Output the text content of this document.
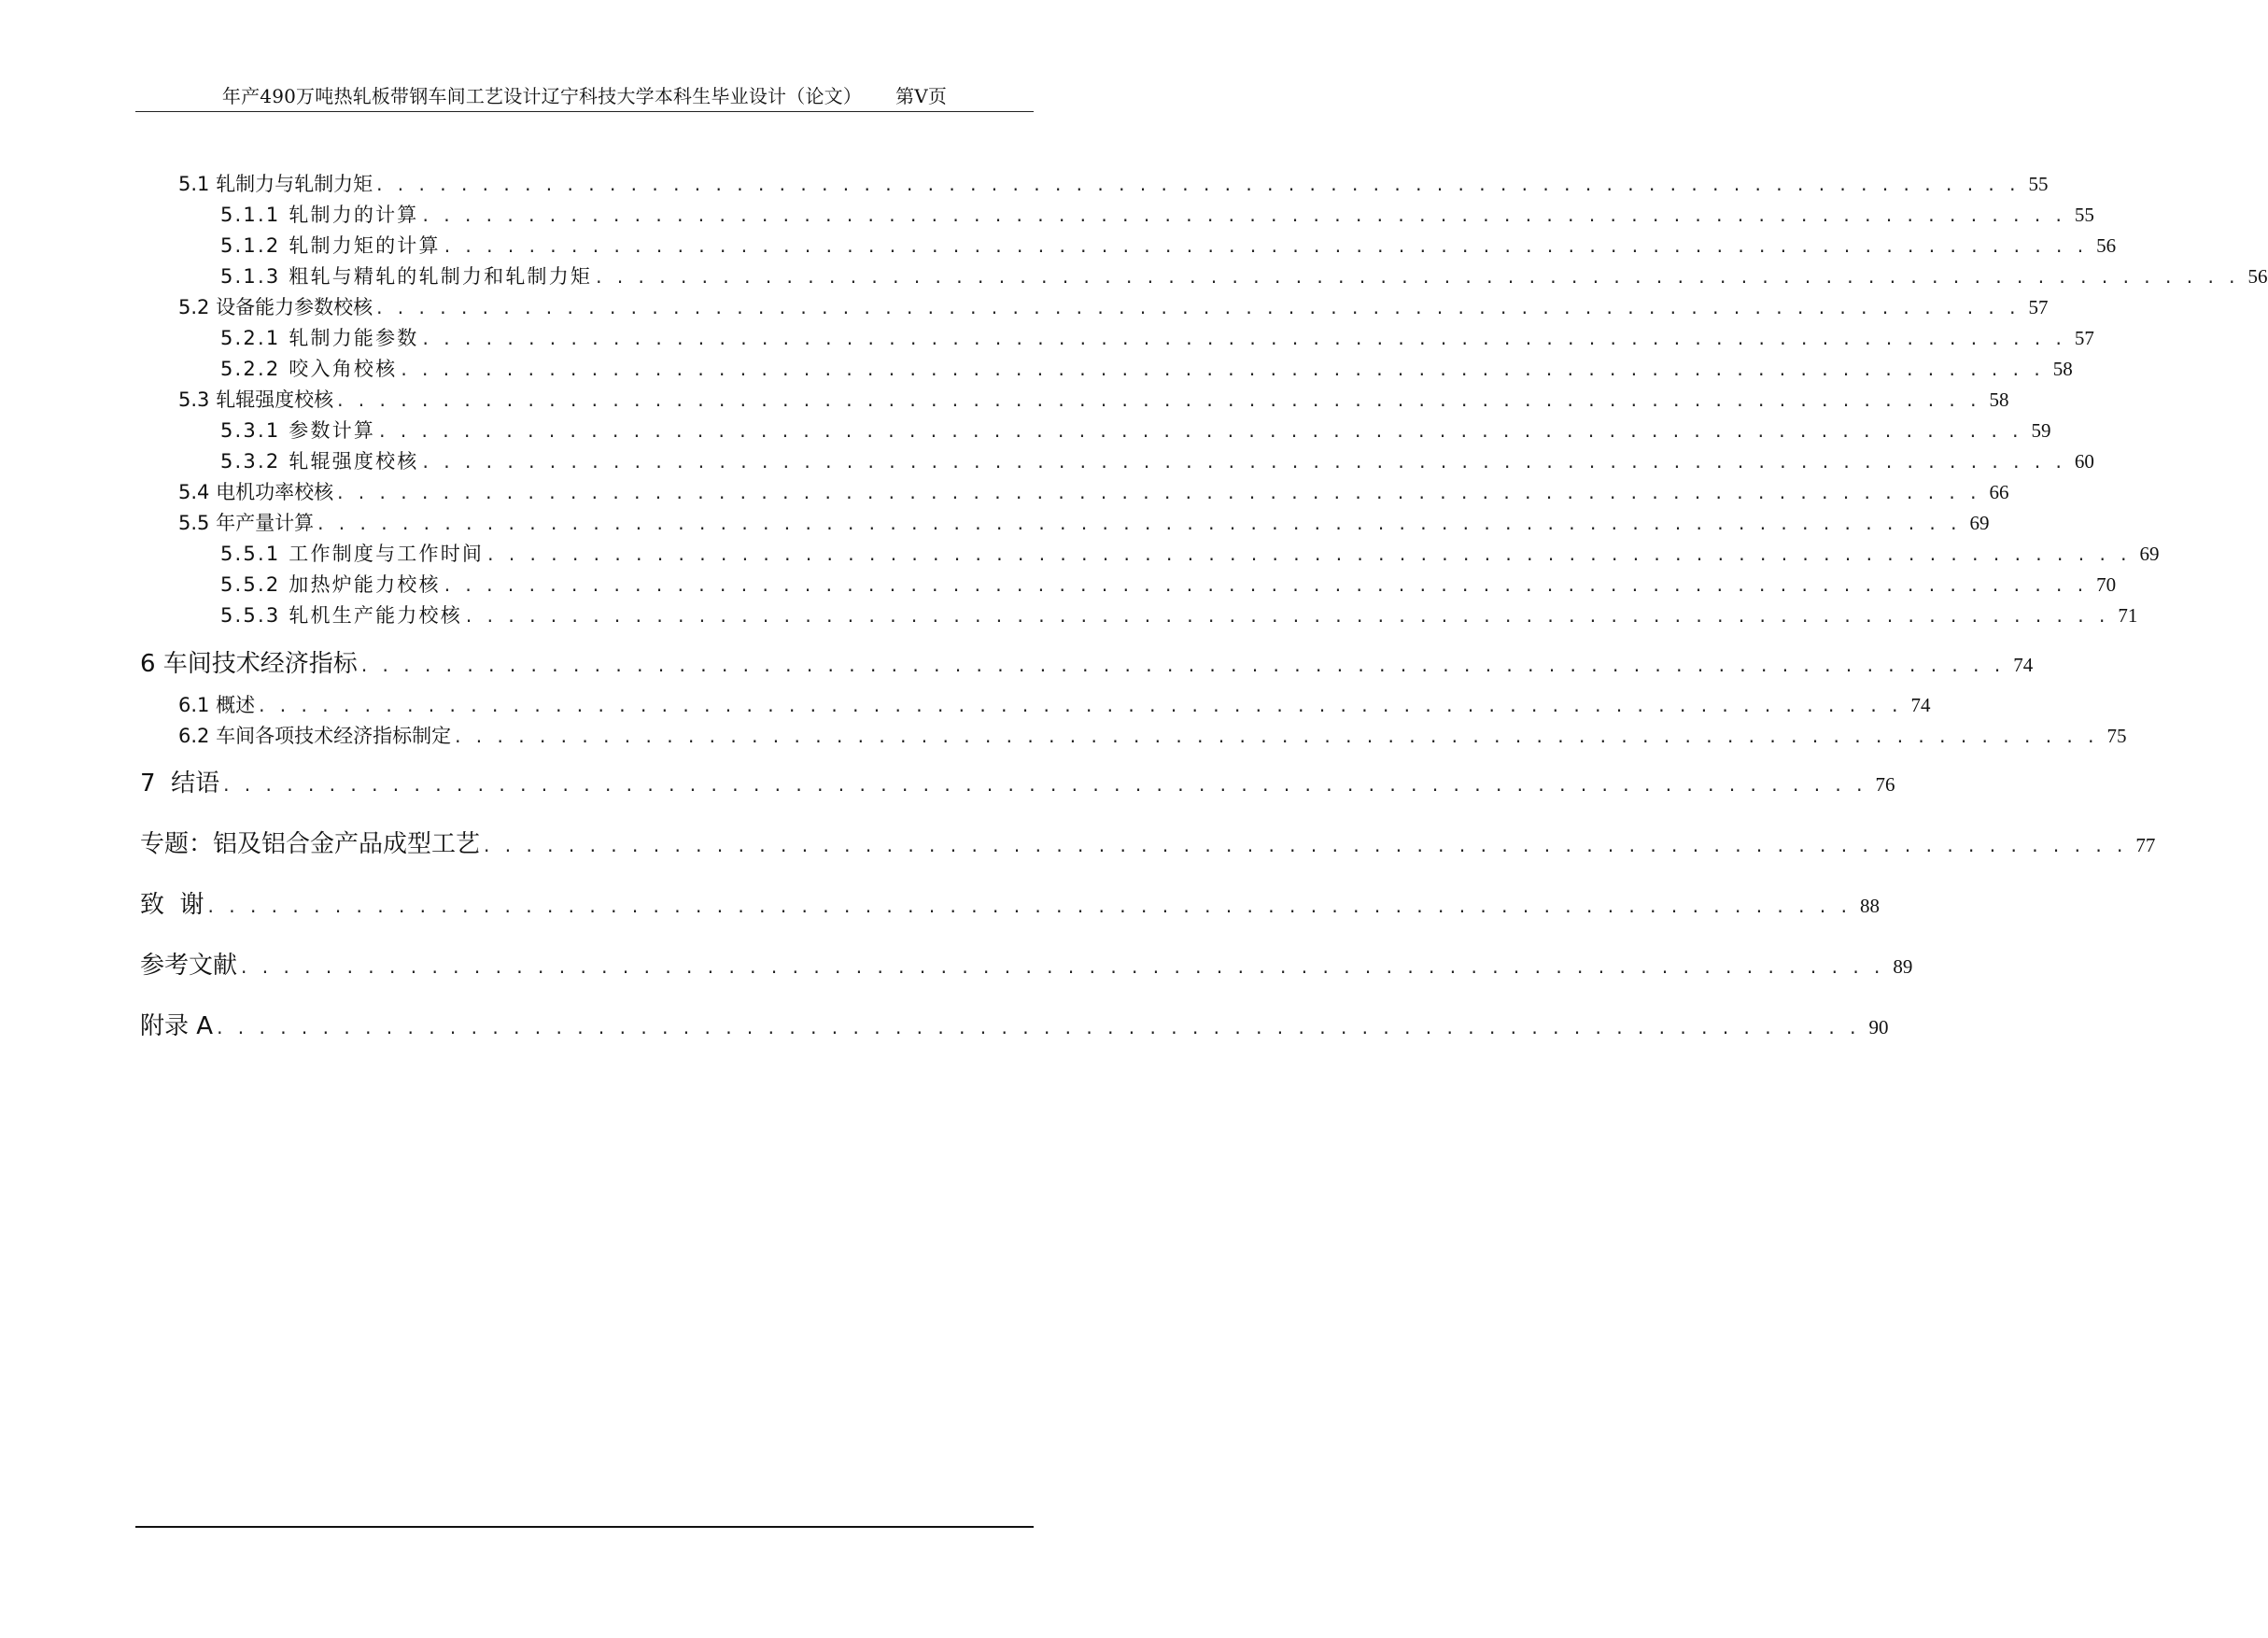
年产490万吨热轧板带钢车间工艺设计辽宁科技大学本科生毕业设计（论文） 第Ⅴ页
5.1 轧制力与轧制力矩 . . . . . . . . . . . . . . . . . . . . . . . . . . . . . . . . . . . . . . . . . . . . . . . . . . . . . . . . . . . . . . . . . . . . . . . . . . . . . . 55
5.1.1 轧制力的计算 . . . . . . . . . . . . . . . . . . . . . . . . . . . . . . . . . . . . . . . . . . . . . . . . . . . . . . . . . . . . . . . . . . . . . . . . . . . . . . 55
5.1.2 轧制力矩的计算 . . . . . . . . . . . . . . . . . . . . . . . . . . . . . . . . . . . . . . . . . . . . . . . . . . . . . . . . . . . . . . . . . . . . . . . . . . . . . . 56
5.1.3 粗轧与精轧的轧制力和轧制力矩 . . . . . . . . . . . . . . . . . . . . . . . . . . . . . . . . . . . . . . . . . . . . . . . . . . . . . . . . . . . . . . . . . . . . . . . . . . . . . . 56
5.2 设备能力参数校核 . . . . . . . . . . . . . . . . . . . . . . . . . . . . . . . . . . . . . . . . . . . . . . . . . . . . . . . . . . . . . . . . . . . . . . . . . . . . . . 57
5.2.1 轧制力能参数 . . . . . . . . . . . . . . . . . . . . . . . . . . . . . . . . . . . . . . . . . . . . . . . . . . . . . . . . . . . . . . . . . . . . . . . . . . . . . . 57
5.2.2 咬入角校核 . . . . . . . . . . . . . . . . . . . . . . . . . . . . . . . . . . . . . . . . . . . . . . . . . . . . . . . . . . . . . . . . . . . . . . . . . . . . . . 58
5.3 轧辊强度校核 . . . . . . . . . . . . . . . . . . . . . . . . . . . . . . . . . . . . . . . . . . . . . . . . . . . . . . . . . . . . . . . . . . . . . . . . . . . . . . 58
5.3.1 参数计算 . . . . . . . . . . . . . . . . . . . . . . . . . . . . . . . . . . . . . . . . . . . . . . . . . . . . . . . . . . . . . . . . . . . . . . . . . . . . . . 59
5.3.2 轧辊强度校核 . . . . . . . . . . . . . . . . . . . . . . . . . . . . . . . . . . . . . . . . . . . . . . . . . . . . . . . . . . . . . . . . . . . . . . . . . . . . . . 60
5.4 电机功率校核 . . . . . . . . . . . . . . . . . . . . . . . . . . . . . . . . . . . . . . . . . . . . . . . . . . . . . . . . . . . . . . . . . . . . . . . . . . . . . . 66
5.5 年产量计算 . . . . . . . . . . . . . . . . . . . . . . . . . . . . . . . . . . . . . . . . . . . . . . . . . . . . . . . . . . . . . . . . . . . . . . . . . . . . . . 69
5.5.1 工作制度与工作时间 . . . . . . . . . . . . . . . . . . . . . . . . . . . . . . . . . . . . . . . . . . . . . . . . . . . . . . . . . . . . . . . . . . . . . . . . . . . . . . 69
5.5.2 加热炉能力校核 . . . . . . . . . . . . . . . . . . . . . . . . . . . . . . . . . . . . . . . . . . . . . . . . . . . . . . . . . . . . . . . . . . . . . . . . . . . . . . 70
5.5.3 轧机生产能力校核 . . . . . . . . . . . . . . . . . . . . . . . . . . . . . . . . . . . . . . . . . . . . . . . . . . . . . . . . . . . . . . . . . . . . . . . . . . . . . . 71
6 车间技术经济指标 . . . . . . . . . . . . . . . . . . . . . . . . . . . . . . . . . . . . . . . . . . . . . . . . . . . . . . . . . . . . . . . . . . . . . . . . . . . . . . 74
6.1 概述 . . . . . . . . . . . . . . . . . . . . . . . . . . . . . . . . . . . . . . . . . . . . . . . . . . . . . . . . . . . . . . . . . . . . . . . . . . . . . . 74
6.2 车间各项技术经济指标制定 . . . . . . . . . . . . . . . . . . . . . . . . . . . . . . . . . . . . . . . . . . . . . . . . . . . . . . . . . . . . . . . . . . . . . . . . . . . . . . 75
7  结语 . . . . . . . . . . . . . . . . . . . . . . . . . . . . . . . . . . . . . . . . . . . . . . . . . . . . . . . . . . . . . . . . . . . . . . . . . . . . . . 76
专题：铝及铝合金产品成型工艺 . . . . . . . . . . . . . . . . . . . . . . . . . . . . . . . . . . . . . . . . . . . . . . . . . . . . . . . . . . . . . . . . . . . . . . . . . . . . . . 77
致  谢 . . . . . . . . . . . . . . . . . . . . . . . . . . . . . . . . . . . . . . . . . . . . . . . . . . . . . . . . . . . . . . . . . . . . . . . . . . . . . . 88
参考文献 . . . . . . . . . . . . . . . . . . . . . . . . . . . . . . . . . . . . . . . . . . . . . . . . . . . . . . . . . . . . . . . . . . . . . . . . . . . . . . 89
附录 A . . . . . . . . . . . . . . . . . . . . . . . . . . . . . . . . . . . . . . . . . . . . . . . . . . . . . . . . . . . . . . . . . . . . . . . . . . . . . . 90
